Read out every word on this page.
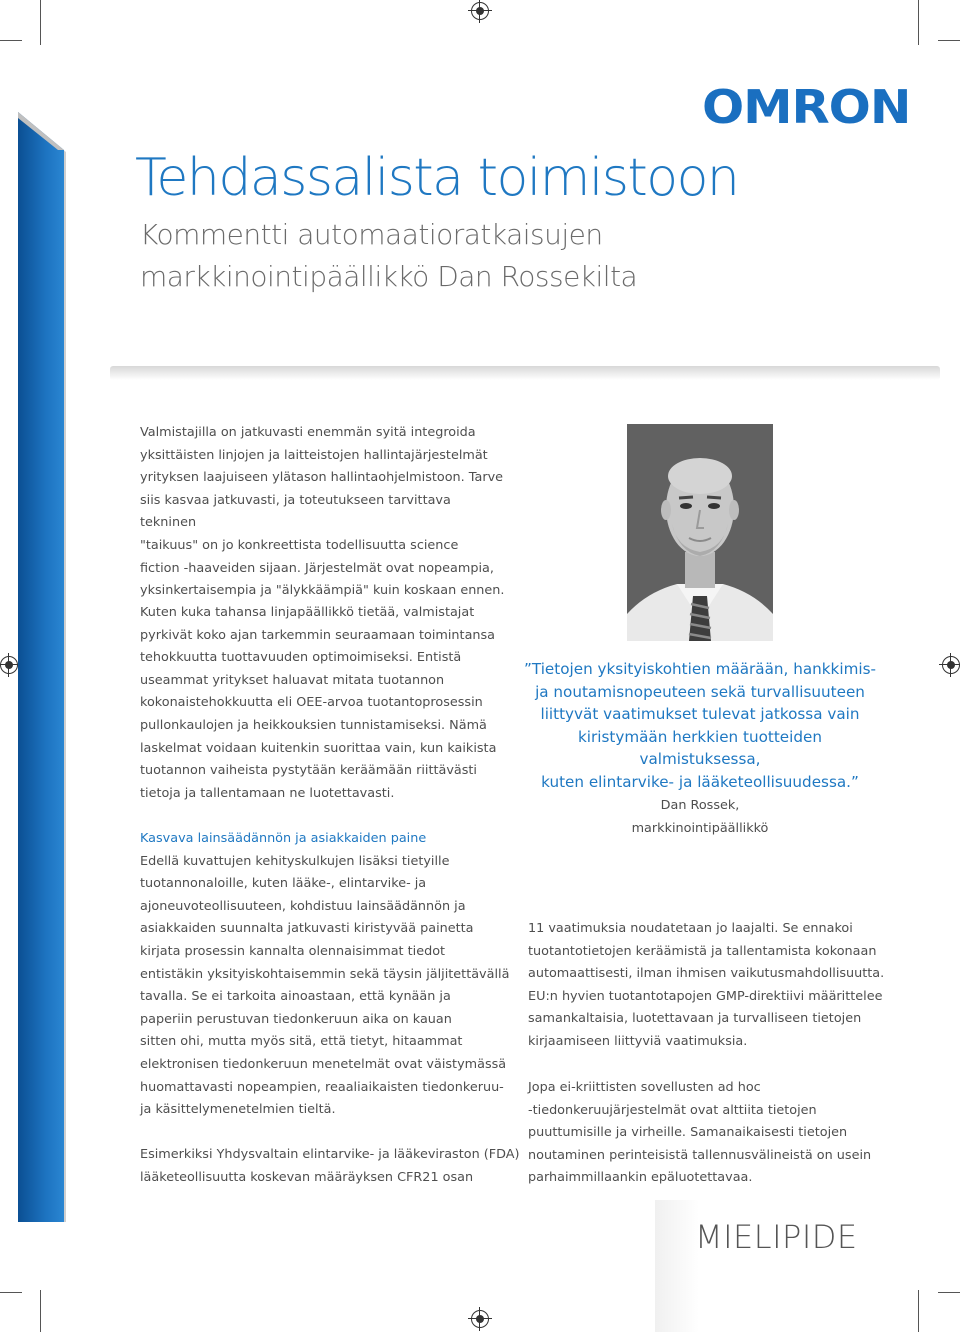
OMRON
Tehdassalista toimistoon
Kommentti automaatioratkaisujen
markkinointipäällikkö Dan Rossekilta

Valmistajilla on jatkuvasti enemmän syitä integroida

yksittäisten linjojen ja laitteistojen hallintajärjestelmät

yrityksen laajuiseen ylätason hallintaohjelmistoon. Tarve

siis kasvaa jatkuvasti, ja toteutukseen tarvittava tekninen

"taikuus" on jo konkreettista todellisuutta science

fiction -haaveiden sijaan. Järjestelmät ovat nopeampia,

yksinkertaisempia ja "älykkäämpiä" kuin koskaan ennen.

Kuten kuka tahansa linjapäällikkö tietää, valmistajat

pyrkivät koko ajan tarkemmin seuraamaan toimintansa

tehokkuutta tuottavuuden optimoimiseksi. Entistä

useammat yritykset haluavat mitata tuotannon

kokonaistehokkuutta eli OEE-arvoa tuotantoprosessin

pullonkaulojen ja heikkouksien tunnistamiseksi. Nämä

laskelmat voidaan kuitenkin suorittaa vain, kun kaikista

tuotannon vaiheista pystytään keräämään riittävästi

tietoja ja tallentamaan ne luotettavasti.

Kasvava lainsäädännön ja asiakkaiden paine

Edellä kuvattujen kehityskulkujen lisäksi tietyille

tuotannonaloille, kuten lääke-, elintarvike- ja

ajoneuvoteollisuuteen, kohdistuu lainsäädännön ja

asiakkaiden suunnalta jatkuvasti kiristyvää painetta

kirjata prosessin kannalta olennaisimmat tiedot

entistäkin yksityiskohtaisemmin sekä täysin jäljitettävällä

tavalla. Se ei tarkoita ainoastaan, että kynään ja

paperiin perustuvan tiedonkeruun aika on kauan

sitten ohi, mutta myös sitä, että tietyt, hitaammat

elektronisen tiedonkeruun menetelmät ovat väistymässä

huomattavasti nopeampien, reaaliaikaisten tiedonkeruu-

ja käsittelymenetelmien tieltä.

Esimerkiksi Yhdysvaltain elintarvike- ja lääkeviraston (FDA)

lääketeollisuutta koskevan määräyksen CFR21 osan

”Tietojen yksityiskohtien määrään, hankkimis-
ja noutamisnopeuteen sekä turvallisuuteen
liittyvät vaatimukset tulevat jatkossa vain
kiristymään herkkien tuotteiden valmistuksessa,
kuten elintarvike- ja lääketeollisuudessa.”
Dan Rossek,
markkinointipäällikkö

11 vaatimuksia noudatetaan jo laajalti. Se ennakoi

tuotantotietojen keräämistä ja tallentamista kokonaan

automaattisesti, ilman ihmisen vaikutusmahdollisuutta.

EU:n hyvien tuotantotapojen GMP-direktiivi määrittelee

samankaltaisia, luotettavaan ja turvalliseen tietojen

kirjaamiseen liittyviä vaatimuksia.

Jopa ei-kriittisten sovellusten ad hoc

-tiedonkeruujärjestelmät ovat alttiita tietojen

puuttumisille ja virheille. Samanaikaisesti tietojen

noutaminen perinteisistä tallennusvälineistä on usein

parhaimmillaankin epäluotettavaa.

MIELIPIDE
